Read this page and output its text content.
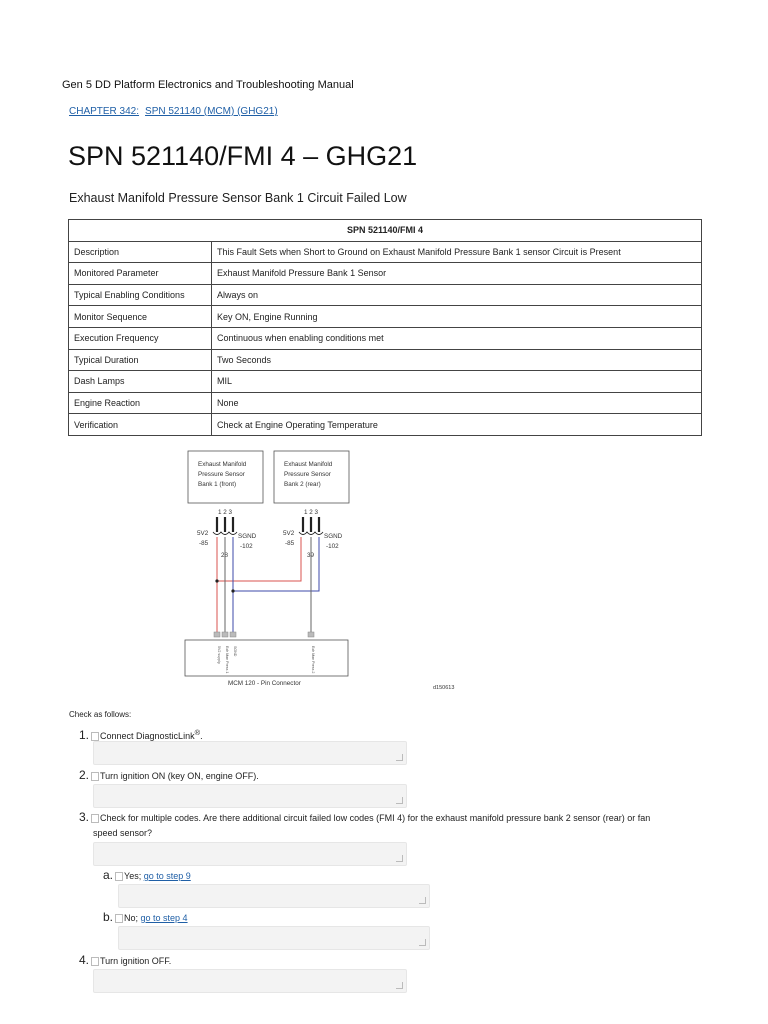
Gen 5 DD Platform Electronics and Troubleshooting Manual
CHAPTER 342: SPN 521140 (MCM) (GHG21)
SPN 521140/FMI 4 – GHG21
Exhaust Manifold Pressure Sensor Bank 1 Circuit Failed Low
SPN 521140/FMI 4	
Description	This Fault Sets when Short to Ground on Exhaust Manifold Pressure Bank 1 sensor Circuit is Present
Monitored Parameter	Exhaust Manifold Pressure Bank 1 Sensor
Typical Enabling Conditions	Always on
Monitor Sequence	Key ON, Engine Running
Execution Frequency	Continuous when enabling conditions met
Typical Duration	Two Seconds
Dash Lamps	MIL
Engine Reaction	None
Verification	Check at Engine Operating Temperature
Exhaust Manifold
Pressure Sensor
Bank 1 (front)
Exhaust Manifold
Pressure Sensor
Bank 2 (rear)
1 2 3	1 2 3
5V2
-85
SGND
-102
28
5V2
-85
SGND
-102
39
5V2 supply Exh Man Press 1 SGND	Exh Man Press 2
MCM 120 - Pin Connector
d150613
Check as follows:
1. Connect DiagnosticLink®.
2. Turn ignition ON (key ON, engine OFF).
3. Check for multiple codes. Are there additional circuit failed low codes (FMI 4) for the exhaust manifold pressure bank 2 sensor (rear) or fan
speed sensor?
a. Yes; go to step 9
b. No; go to step 4
4. Turn ignition OFF.
